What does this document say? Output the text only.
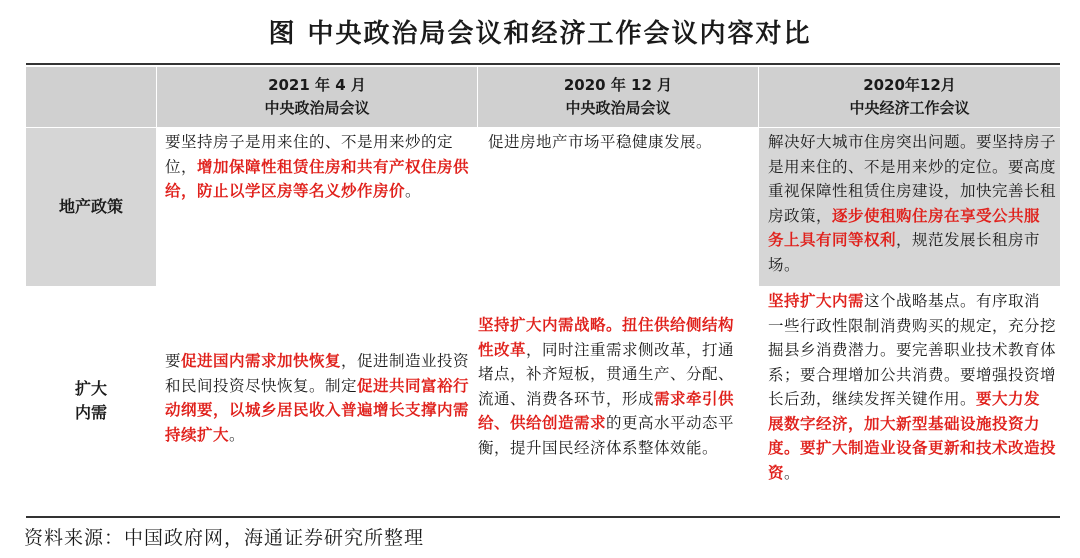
图 中央政治局会议和经济工作会议内容对比
2021 年 4 月
中央政治局会议
2020 年 12 月
中央政治局会议
2020年12月
中央经济工作会议
地产政策
要坚持房子是用来住的、不是用来炒的定位，增加保障性租赁住房和共有产权住房供给，防止以学区房等名义炒作房价。
促进房地产市场平稳健康发展。	解决好大城市住房突出问题。要坚持房子是用来住的、不是用来炒的定位。要高度重视保障性租赁住房建设，加快完善长租房政策，逐步使租购住房在享受公共服务上具有同等权利，规范发展长租房市场。
扩大
内需
要促进国内需求加快恢复，促进制造业投资和民间投资尽快恢复。制定促进共同富裕行动纲要，以城乡居民收入普遍增长支撑内需持续扩大。
坚持扩大内需战略。扭住供给侧结构性改革，同时注重需求侧改革，打通堵点，补齐短板，贯通生产、分配、流通、消费各环节，形成需求牵引供给、供给创造需求的更高水平动态平衡，提升国民经济体系整体效能。
坚持扩大内需这个战略基点。有序取消一些行政性限制消费购买的规定，充分挖掘县乡消费潜力。要完善职业技术教育体系；要合理增加公共消费。要增强投资增长后劲，继续发挥关键作用。要大力发展数字经济，加大新型基础设施投资力度。要扩大制造业设备更新和技术改造投资。
资料来源：中国政府网，海通证券研究所整理
